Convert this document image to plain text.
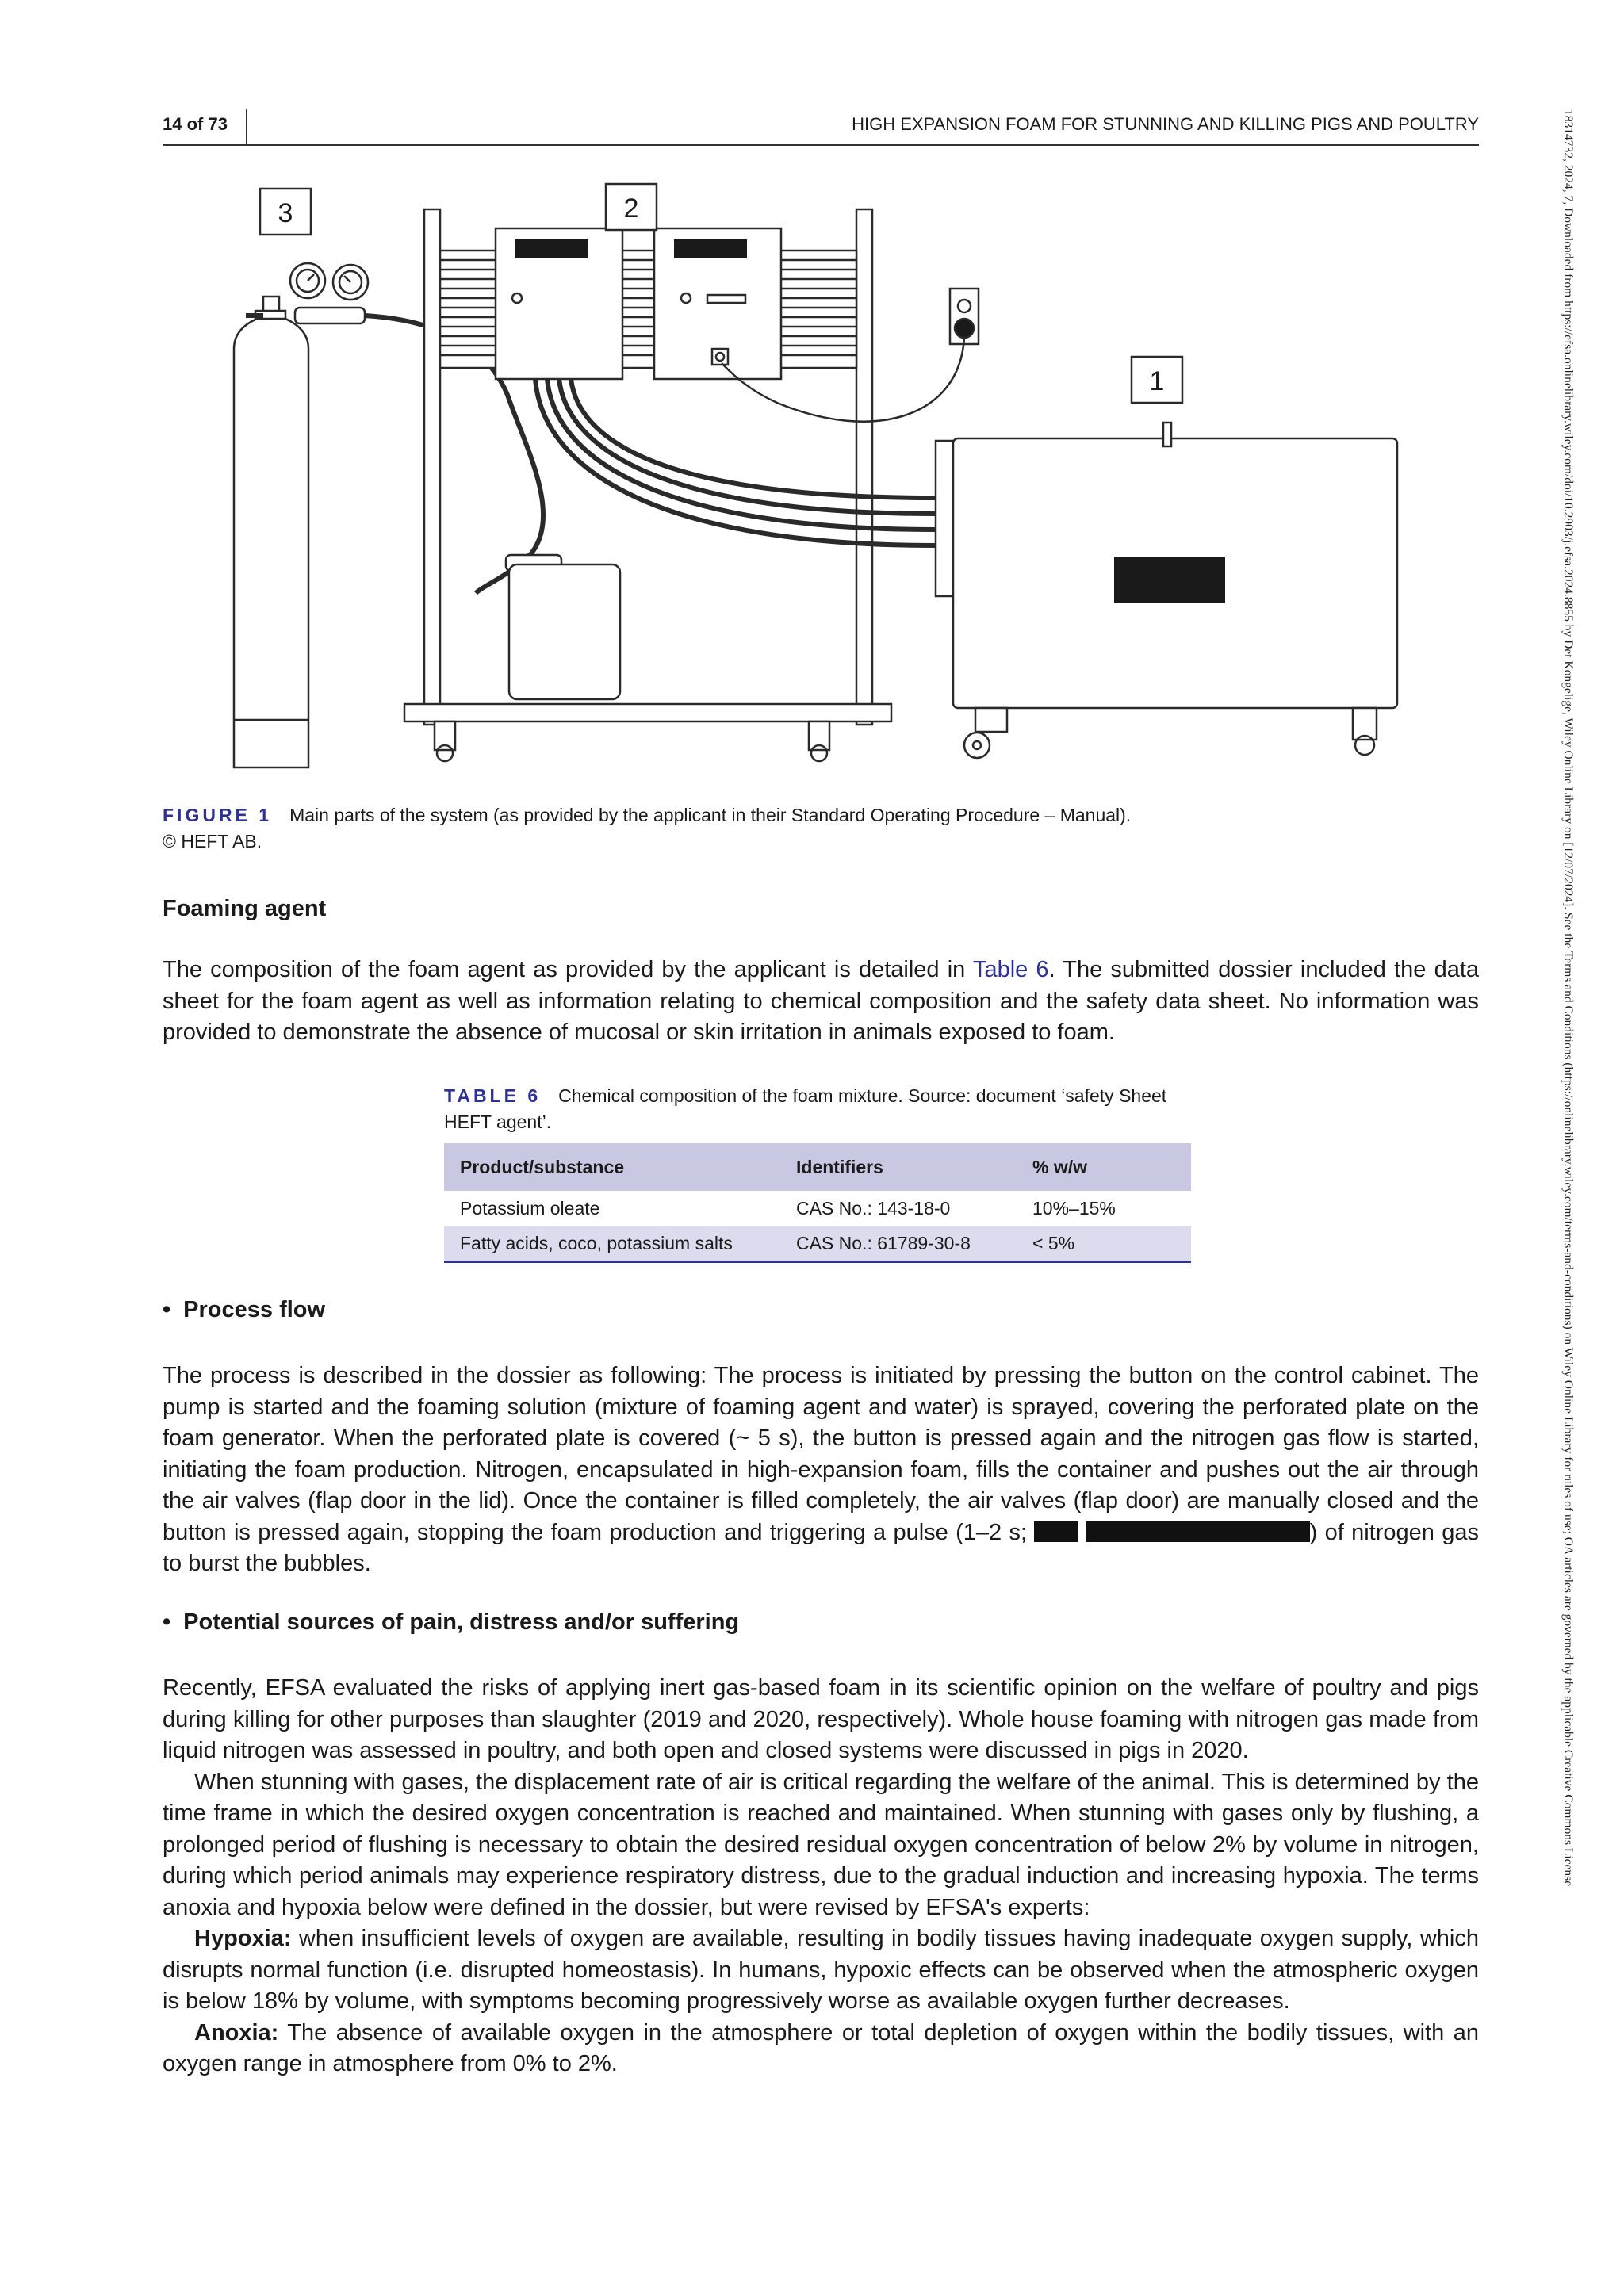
14 of 73	HIGH EXPANSION FOAM FOR STUNNING AND KILLING PIGS AND POULTRY	18314732, 2024, 7, Downloaded from https://efsa.onlinelibrary.wiley.com/doi/10.2903/j.efsa.2024.8855 by Det Kongelige, Wiley Online Library on [12/07/2024]. See the Terms and Conditions (https://onlinelibrary.wiley.com/terms-and-conditions) on Wiley Online Library for rules of use; OA articles are governed by the applicable Creative Commons License
3	2
1
FIGURE 1 Main parts of the system (as provided by the applicant in their Standard Operating Procedure – Manual).
© HEFT AB.
Foaming agent

The composition of the foam agent as provided by the applicant is detailed in Table 6. The submitted dossier included the data sheet for the foam agent as well as information relating to chemical composition and the safety data sheet. No information was provided to demonstrate the absence of mucosal or skin irritation in animals exposed to foam.

TABLE 6 Chemical composition of the foam mixture. Source: document ‘safety Sheet HEFT agent’.
Product/substance	Identifiers	% w/w
Potassium oleate	CAS No.: 143-18-0	10%–15%
Fatty acids, coco, potassium salts	CAS No.: 61789-30-8	< 5%
• Process flow

The process is described in the dossier as following: The process is initiated by pressing the button on the control cabinet. The pump is started and the foaming solution (mixture of foaming agent and water) is sprayed, covering the perforated plate on the foam generator. When the perforated plate is covered (~ 5 s), the button is pressed again and the nitrogen gas flow is started, initiating the foam production. Nitrogen, encapsulated in high-expansion foam, fills the container and pushes out the air through the air valves (flap door in the lid). Once the container is filled completely, the air valves (flap door) are manually closed and the button is pressed again, stopping the foam production and triggering a pulse (1–2 s;	) of nitrogen gas to burst the bubbles.

• Potential sources of pain, distress and/or suffering

Recently, EFSA evaluated the risks of applying inert gas-based foam in its scientific opinion on the welfare of poultry and pigs during killing for other purposes than slaughter (2019 and 2020, respectively). Whole house foaming with nitrogen gas made from liquid nitrogen was assessed in poultry, and both open and closed systems were discussed in pigs in 2020.

When stunning with gases, the displacement rate of air is critical regarding the welfare of the animal. This is determined by the time frame in which the desired oxygen concentration is reached and maintained. When stunning with gases only by flushing, a prolonged period of flushing is necessary to obtain the desired residual oxygen concentration of below 2% by volume in nitrogen, during which period animals may experience respiratory distress, due to the gradual induction and increasing hypoxia. The terms anoxia and hypoxia below were defined in the dossier, but were revised by EFSA's experts:

Hypoxia: when insufficient levels of oxygen are available, resulting in bodily tissues having inadequate oxygen supply, which disrupts normal function (i.e. disrupted homeostasis). In humans, hypoxic effects can be observed when the atmospheric oxygen is below 18% by volume, with symptoms becoming progressively worse as available oxygen further decreases.

Anoxia: The absence of available oxygen in the atmosphere or total depletion of oxygen within the bodily tissues, with an oxygen range in atmosphere from 0% to 2%.
